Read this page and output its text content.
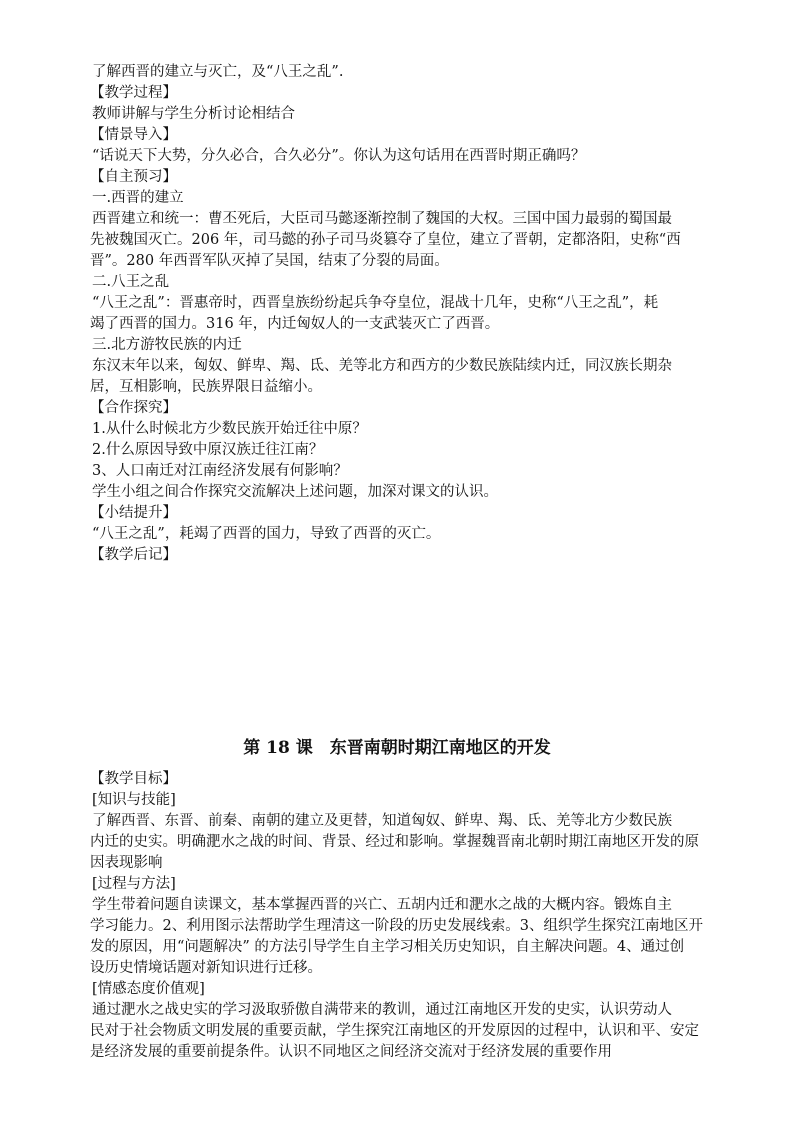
了解西晋的建立与灭亡，及“八王之乱”.
【教学过程】
教师讲解与学生分析讨论相结合
【情景导入】
“话说天下大势，分久必合，合久必分”。你认为这句话用在西晋时期正确吗？
【自主预习】
一.西晋的建立
西晋建立和统一：曹丕死后，大臣司马懿逐渐控制了魏国的大权。三国中国力最弱的蜀国最
先被魏国灭亡。206 年，司马懿的孙子司马炎篡夺了皇位，建立了晋朝，定都洛阳，史称“西
晋”。280 年西晋军队灭掉了吴国，结束了分裂的局面。
二.八王之乱
“八王之乱”：晋惠帝时，西晋皇族纷纷起兵争夺皇位，混战十几年，史称“八王之乱”，耗
竭了西晋的国力。316 年，内迁匈奴人的一支武装灭亡了西晋。
三.北方游牧民族的内迁
东汉末年以来，匈奴、鲜卑、羯、氐、羌等北方和西方的少数民族陆续内迁，同汉族长期杂
居，互相影响，民族界限日益缩小。
【合作探究】
1.从什么时候北方少数民族开始迁往中原？
2.什么原因导致中原汉族迁往江南？
3、人口南迁对江南经济发展有何影响？
学生小组之间合作探究交流解决上述问题，加深对课文的认识。
【小结提升】
“八王之乱”，耗竭了西晋的国力，导致了西晋的灭亡。
【教学后记】
第 18 课　东晋南朝时期江南地区的开发
【教学目标】
[知识与技能]
了解西晋、东晋、前秦、南朝的建立及更替，知道匈奴、鲜卑、羯、氐、羌等北方少数民族
内迁的史实。明确淝水之战的时间、背景、经过和影响。掌握魏晋南北朝时期江南地区开发的原
因表现影响
[过程与方法]
学生带着问题自读课文，基本掌握西晋的兴亡、五胡内迁和淝水之战的大概内容。锻炼自主
学习能力。2、利用图示法帮助学生理清这一阶段的历史发展线索。3、组织学生探究江南地区开
发的原因，用“问题解决” 的方法引导学生自主学习相关历史知识，自主解决问题。4、通过创
设历史情境话题对新知识进行迁移。
[情感态度价值观]
通过淝水之战史实的学习汲取骄傲自满带来的教训，通过江南地区开发的史实，认识劳动人
民对于社会物质文明发展的重要贡献，学生探究江南地区的开发原因的过程中，认识和平、安定
是经济发展的重要前提条件。认识不同地区之间经济交流对于经济发展的重要作用
